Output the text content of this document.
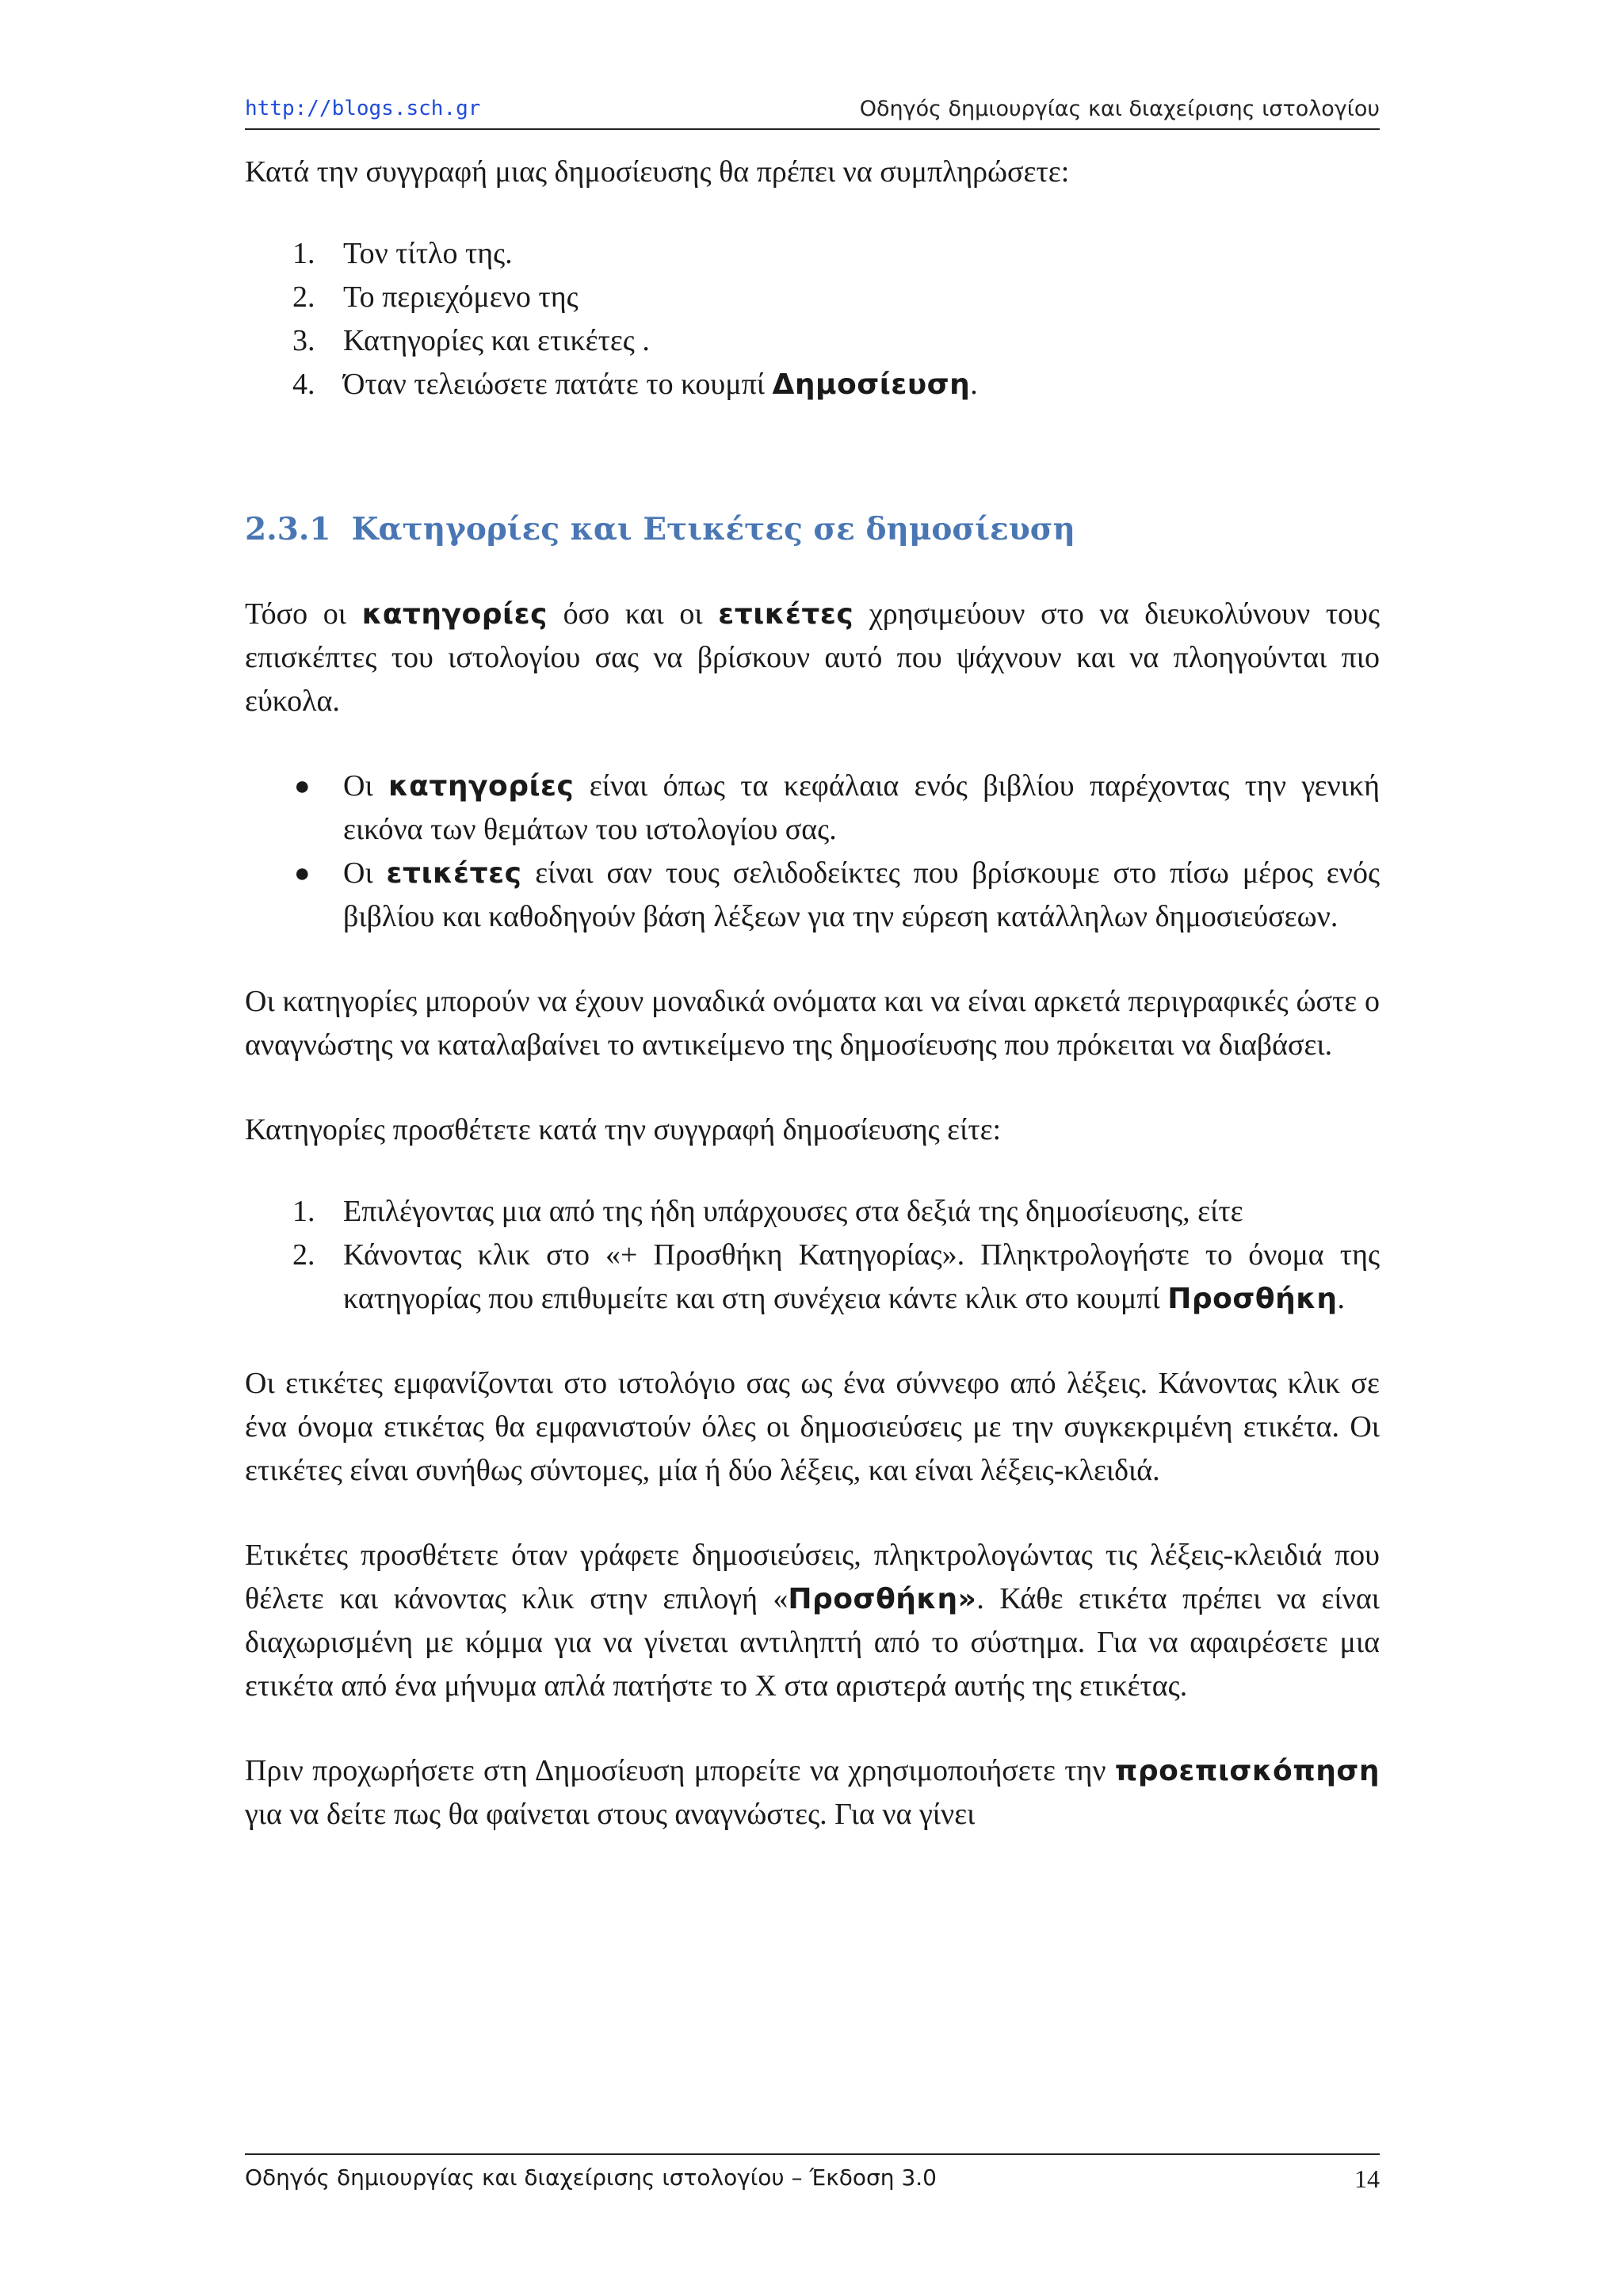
http://blogs.sch.gr	Οδηγός δημιουργίας και διαχείρισης ιστολογίου

Κατά την συγγραφή μιας δημοσίευσης θα πρέπει να συμπληρώσετε:

1. Τον τίτλο της.
2. Το περιεχόμενο της
3. Κατηγορίες και ετικέτες .
4. Όταν τελειώσετε πατάτε το κουμπί Δημοσίευση.
2.3.1 Κατηγορίες και Ετικέτες σε δημοσίευση

Τόσο οι κατηγορίες όσο και οι ετικέτες χρησιμεύουν στο να διευκολύνουν τους επισκέπτες του ιστολογίου σας να βρίσκουν αυτό που ψάχνουν και να πλοηγούνται πιο εύκολα.

● Οι κατηγορίες είναι όπως τα κεφάλαια ενός βιβλίου παρέχοντας την γενική εικόνα των θεμάτων του ιστολογίου σας.
● Οι ετικέτες είναι σαν τους σελιδοδείκτες που βρίσκουμε στο πίσω μέρος ενός βιβλίου και καθοδηγούν βάση λέξεων για την εύρεση κατάλληλων δημοσιεύσεων.

Οι κατηγορίες μπορούν να έχουν μοναδικά ονόματα και να είναι αρκετά περιγραφικές ώστε ο αναγνώστης να καταλαβαίνει το αντικείμενο της δημοσίευσης που πρόκειται να διαβάσει.

Κατηγορίες προσθέτετε κατά την συγγραφή δημοσίευσης είτε:

1. Επιλέγοντας μια από της ήδη υπάρχουσες στα δεξιά της δημοσίευσης, είτε
2. Κάνοντας κλικ στο «+ Προσθήκη Κατηγορίας». Πληκτρολογήστε το όνομα της κατηγορίας που επιθυμείτε και στη συνέχεια κάντε κλικ στο κουμπί Προσθήκη.

Οι ετικέτες εμφανίζονται στο ιστολόγιο σας ως ένα σύννεφο από λέξεις. Κάνοντας κλικ σε ένα όνομα ετικέτας θα εμφανιστούν όλες οι δημοσιεύσεις με την συγκεκριμένη ετικέτα. Οι ετικέτες είναι συνήθως σύντομες, μία ή δύο λέξεις, και είναι λέξεις-κλειδιά.

Ετικέτες προσθέτετε όταν γράφετε δημοσιεύσεις, πληκτρολογώντας τις λέξεις-κλειδιά που θέλετε και κάνοντας κλικ στην επιλογή «Προσθήκη». Κάθε ετικέτα πρέπει να είναι διαχωρισμένη με κόμμα για να γίνεται αντιληπτή από το σύστημα. Για να αφαιρέσετε μια ετικέτα από ένα μήνυμα απλά πατήστε το Χ στα αριστερά αυτής της ετικέτας.

Πριν προχωρήσετε στη Δημοσίευση μπορείτε να χρησιμοποιήσετε την προεπισκόπηση για να δείτε πως θα φαίνεται στους αναγνώστες. Για να γίνει

Οδηγός δημιουργίας και διαχείρισης ιστολογίου – Έκδοση 3.0	14
